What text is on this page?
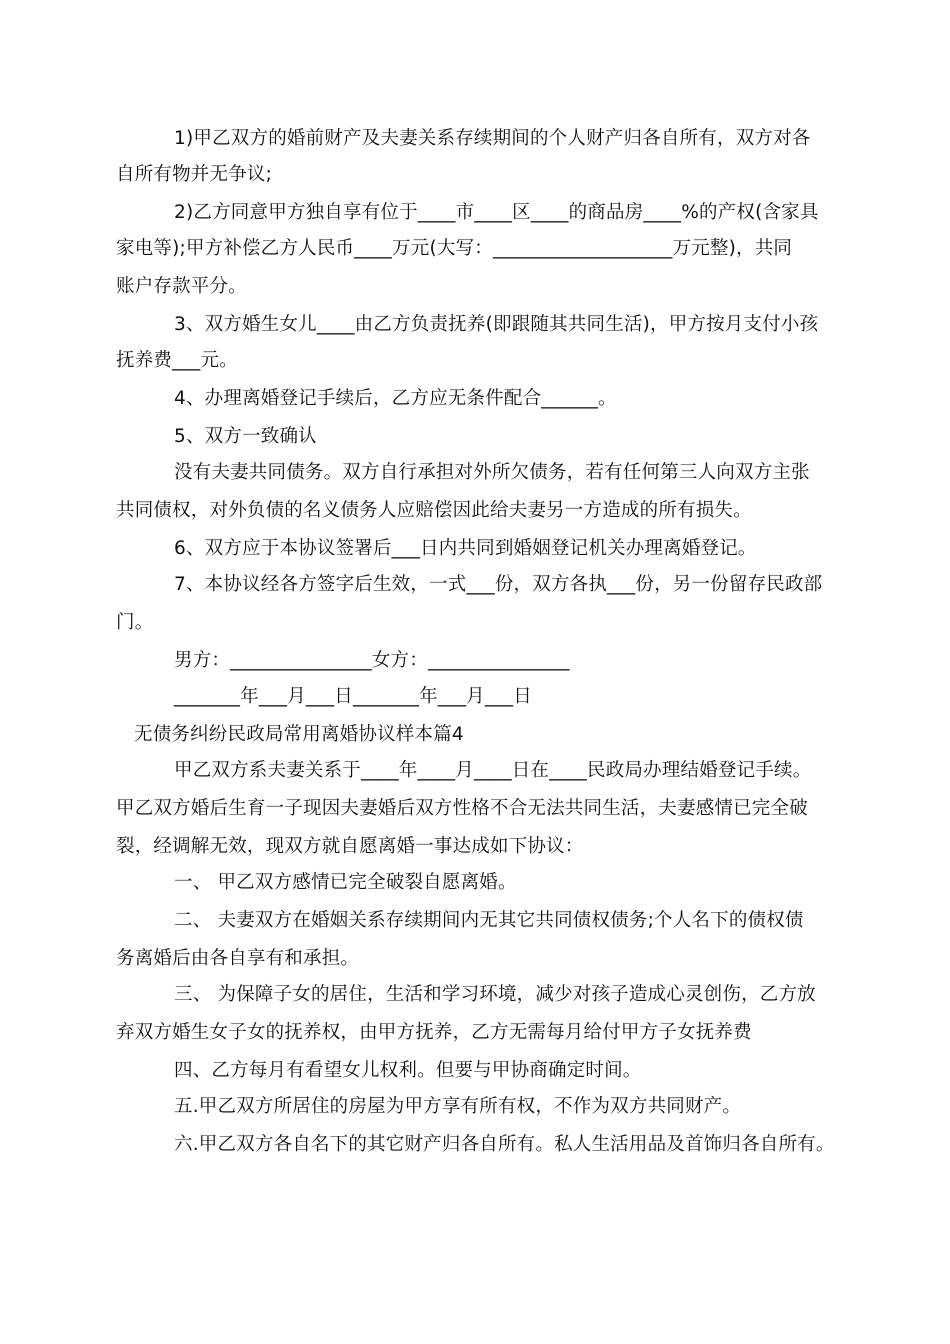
1)甲乙双方的婚前财产及夫妻关系存续期间的个人财产归各自所有，双方对各
自所有物并无争议;
2)乙方同意甲方独自享有位于____市____区____的商品房____%的产权(含家具
家电等);甲方补偿乙方人民币____万元(大写：___________________万元整)，共同
账户存款平分。
3、双方婚生女儿____由乙方负责抚养(即跟随其共同生活)，甲方按月支付小孩
抚养费___元。
4、办理离婚登记手续后，乙方应无条件配合______。
5、双方一致确认
没有夫妻共同债务。双方自行承担对外所欠债务，若有任何第三人向双方主张
共同债权，对外负债的名义债务人应赔偿因此给夫妻另一方造成的所有损失。
6、双方应于本协议签署后___日内共同到婚姻登记机关办理离婚登记。
7、本协议经各方签字后生效，一式___份，双方各执___份，另一份留存民政部
门。
男方：_______________女方：_______________
_______年___月___日_______年___月___日
无债务纠纷民政局常用离婚协议样本篇4
甲乙双方系夫妻关系于____年____月____日在____民政局办理结婚登记手续。
甲乙双方婚后生育一子现因夫妻婚后双方性格不合无法共同生活，夫妻感情已完全破
裂，经调解无效，现双方就自愿离婚一事达成如下协议：
一、 甲乙双方感情已完全破裂自愿离婚。
二、 夫妻双方在婚姻关系存续期间内无其它共同债权债务;个人名下的债权债
务离婚后由各自享有和承担。
三、 为保障子女的居住，生活和学习环境，减少对孩子造成心灵创伤，乙方放
弃双方婚生女子女的抚养权，由甲方抚养，乙方无需每月给付甲方子女抚养费
四、乙方每月有看望女儿权利。但要与甲协商确定时间。
五.甲乙双方所居住的房屋为甲方享有所有权，不作为双方共同财产。
六.甲乙双方各自名下的其它财产归各自所有。私人生活用品及首饰归各自所有。
